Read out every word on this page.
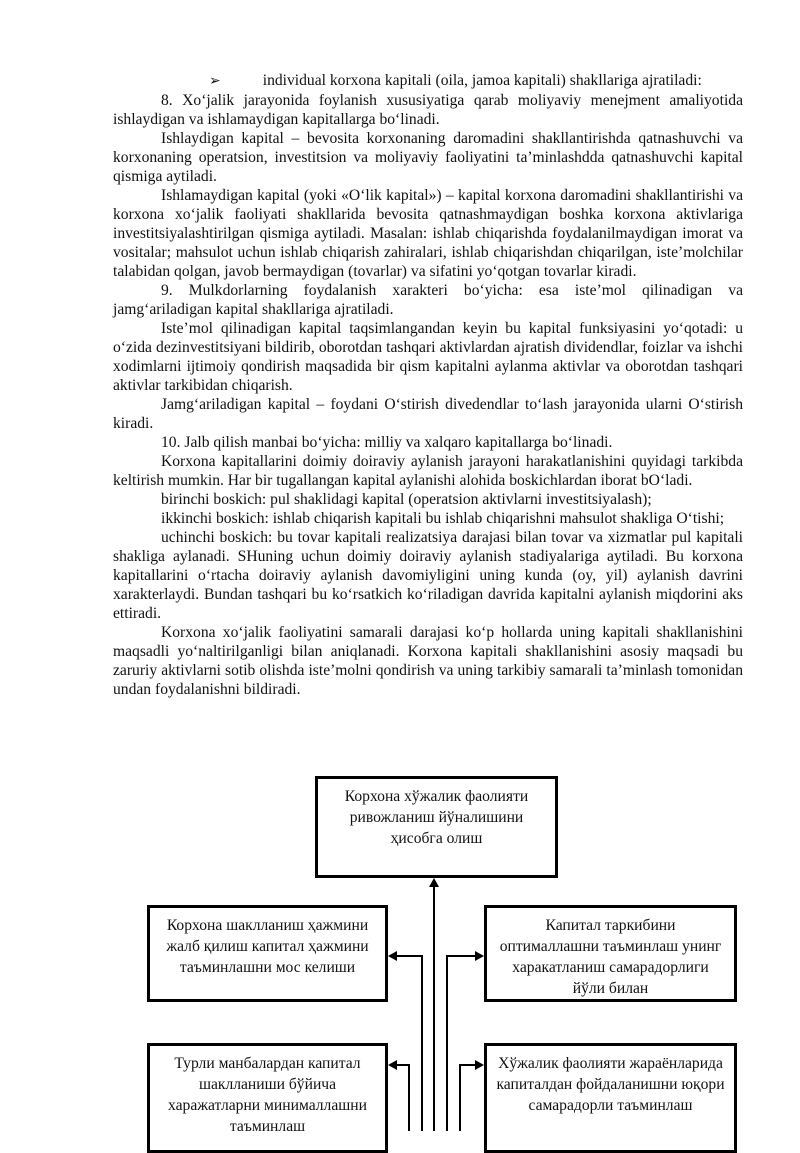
➢	individual korxona kapitali (oila, jamoa kapitali) shakllariga ajratiladi:

8. Xoʻjalik jarayonida foylanish xususiyatiga qarab moliyaviy menejment amaliyotida ishlaydigan va ishlamaydigan kapitallarga boʻlinadi.

Ishlaydigan kapital – bevosita korxonaning daromadini shakllantirishda qatnashuvchi va korxonaning operatsion, investitsion va moliyaviy faoliyatini taʼminlashdda qatnashuvchi kapital qismiga aytiladi.

Ishlamaydigan kapital (yoki «Oʻlik kapital») – kapital korxona daromadini shakllantirishi va korxona xoʻjalik faoliyati shakllarida bevosita qatnashmaydigan boshka korxona aktivlariga investitsiyalashtirilgan qismiga aytiladi. Masalan: ishlab chiqarishda foydalanilmaydigan imorat va vositalar; mahsulot uchun ishlab chiqarish zahiralari, ishlab chiqarishdan chiqarilgan, isteʼmolchilar talabidan qolgan, javob bermaydigan (tovarlar) va sifatini yoʻqotgan tovarlar kiradi.

9. Mulkdorlarning foydalanish xarakteri boʻyicha: esa isteʼmol qilinadigan va jamgʻariladigan kapital shakllariga ajratiladi.

Isteʼmol qilinadigan kapital taqsimlangandan keyin bu kapital funksiyasini yoʻqotadi: u oʻzida dezinvestitsiyani bildirib, oborotdan tashqari aktivlardan ajratish dividendlar, foizlar va ishchi xodimlarni ijtimoiy qondirish maqsadida bir qism kapitalni aylanma aktivlar va oborotdan tashqari aktivlar tarkibidan chiqarish.

Jamgʻariladigan kapital – foydani Oʻstirish divedendlar toʻlash jarayonida ularni Oʻstirish kiradi.

10. Jalb qilish manbai boʻyicha: milliy va xalqaro kapitallarga boʻlinadi.

Korxona kapitallarini doimiy doiraviy aylanish jarayoni harakatlanishini quyidagi tarkibda keltirish mumkin. Har bir tugallangan kapital aylanishi alohida boskichlardan iborat bOʻladi.

birinchi boskich: pul shaklidagi kapital (operatsion aktivlarni investitsiyalash);

ikkinchi boskich: ishlab chiqarish kapitali bu ishlab chiqarishni mahsulot shakliga Oʻtishi;

uchinchi boskich: bu tovar kapitali realizatsiya darajasi bilan tovar va xizmatlar pul kapitali shakliga aylanadi. SHuning uchun doimiy doiraviy aylanish stadiyalariga aytiladi. Bu korxona kapitallarini oʻrtacha doiraviy aylanish davomiyligini uning kunda (oy, yil) aylanish davrini xarakterlaydi. Bundan tashqari bu koʻrsatkich koʻriladigan davrida kapitalni aylanish miqdorini aks ettiradi.

Korxona xoʻjalik faoliyatini samarali darajasi koʻp hollarda uning kapitali shakllanishini maqsadli yoʻnaltirilganligi bilan aniqlanadi. Korxona kapitali shakllanishini asosiy maqsadi bu zaruriy aktivlarni sotib olishda isteʼmolni qondirish va uning tarkibiy samarali taʼminlash tomonidan undan foydalanishni bildiradi.

Корхона хўжалик фаолияти ривожланиш йўналишини ҳисобга олиш
Корхона шаклланиш ҳажмини жалб қилиш капитал ҳажмини таъминлашни мос келиши
Капитал таркибини оптималлашни таъминлаш унинг харакатланиш самарадорлиги йўли билан
Турли манбалардан капитал шаклланиши бўйича харажатларни минималлашни таъминлаш
Хўжалик фаолияти жараёнларида капиталдан фойдаланишни юқори самарадорли таъминлаш
